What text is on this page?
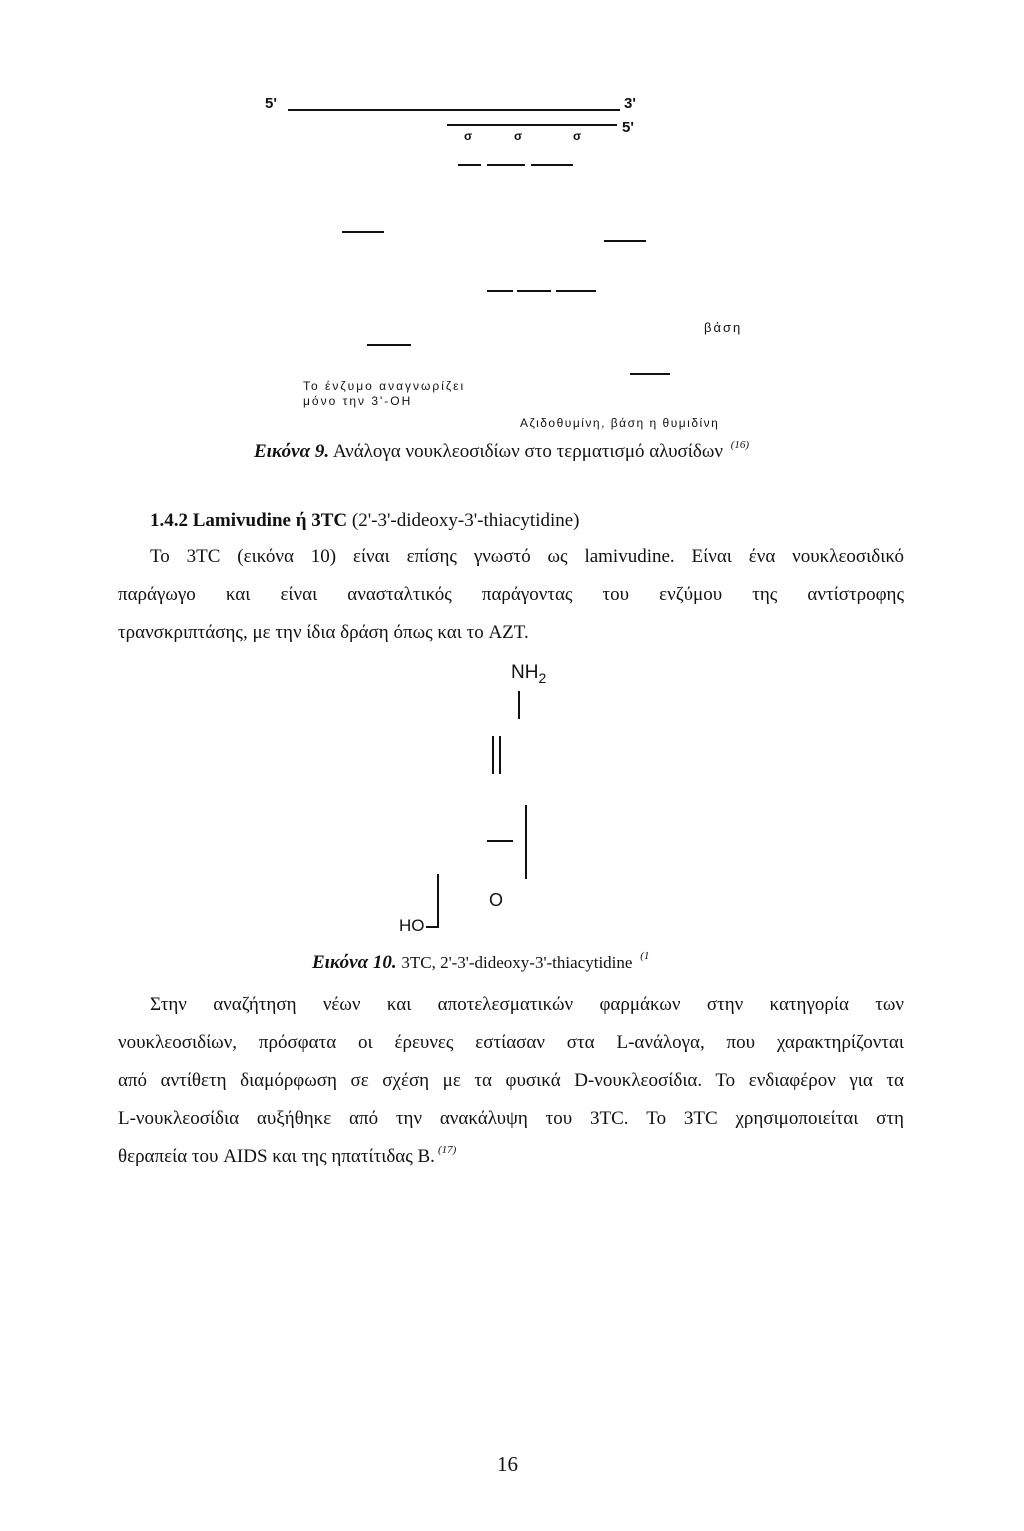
5'	3'
5'
σ	σ	σ
βάση
Το ένζυμο αναγνωρίζει
μόνο την 3'-ΟΗ
Αζιδοθυμίνη, βάση η θυμιδίνη
Εικόνα 9. Ανάλογα νουκλεοσιδίων στο τερματισμό αλυσίδων $^{(16)}$
1.4.2 Lamivudine ή 3TC (2'-3'-dideoxy-3'-thiacytidine)
Το 3TC (εικόνα 10) είναι επίσης γνωστό ως lamivudine. Είναι ένα νουκλεοσιδικό
παράγωγο και είναι ανασταλτικός παράγοντας του ενζύμου της αντίστροφης
τρανσκριπτάσης, με την ίδια δράση όπως και το AZT.
$NH_2$
HO
O
Εικόνα 10. 3TC, 2'-3'-dideoxy-3'-thiacytidine $^{(1}$
Στην αναζήτηση νέων και αποτελεσματικών φαρμάκων στην κατηγορία των
νουκλεοσιδίων, πρόσφατα οι έρευνες εστίασαν στα L-ανάλογα, που χαρακτηρίζονται
από αντίθετη διαμόρφωση σε σχέση με τα φυσικά D-νουκλεοσίδια. Το ενδιαφέρον για τα
L-νουκλεοσίδια αυξήθηκε από την ανακάλυψη του 3TC. Το 3TC χρησιμοποιείται στη
θεραπεία του AIDS και της ηπατίτιδας Β. $^{(17)}$
16
